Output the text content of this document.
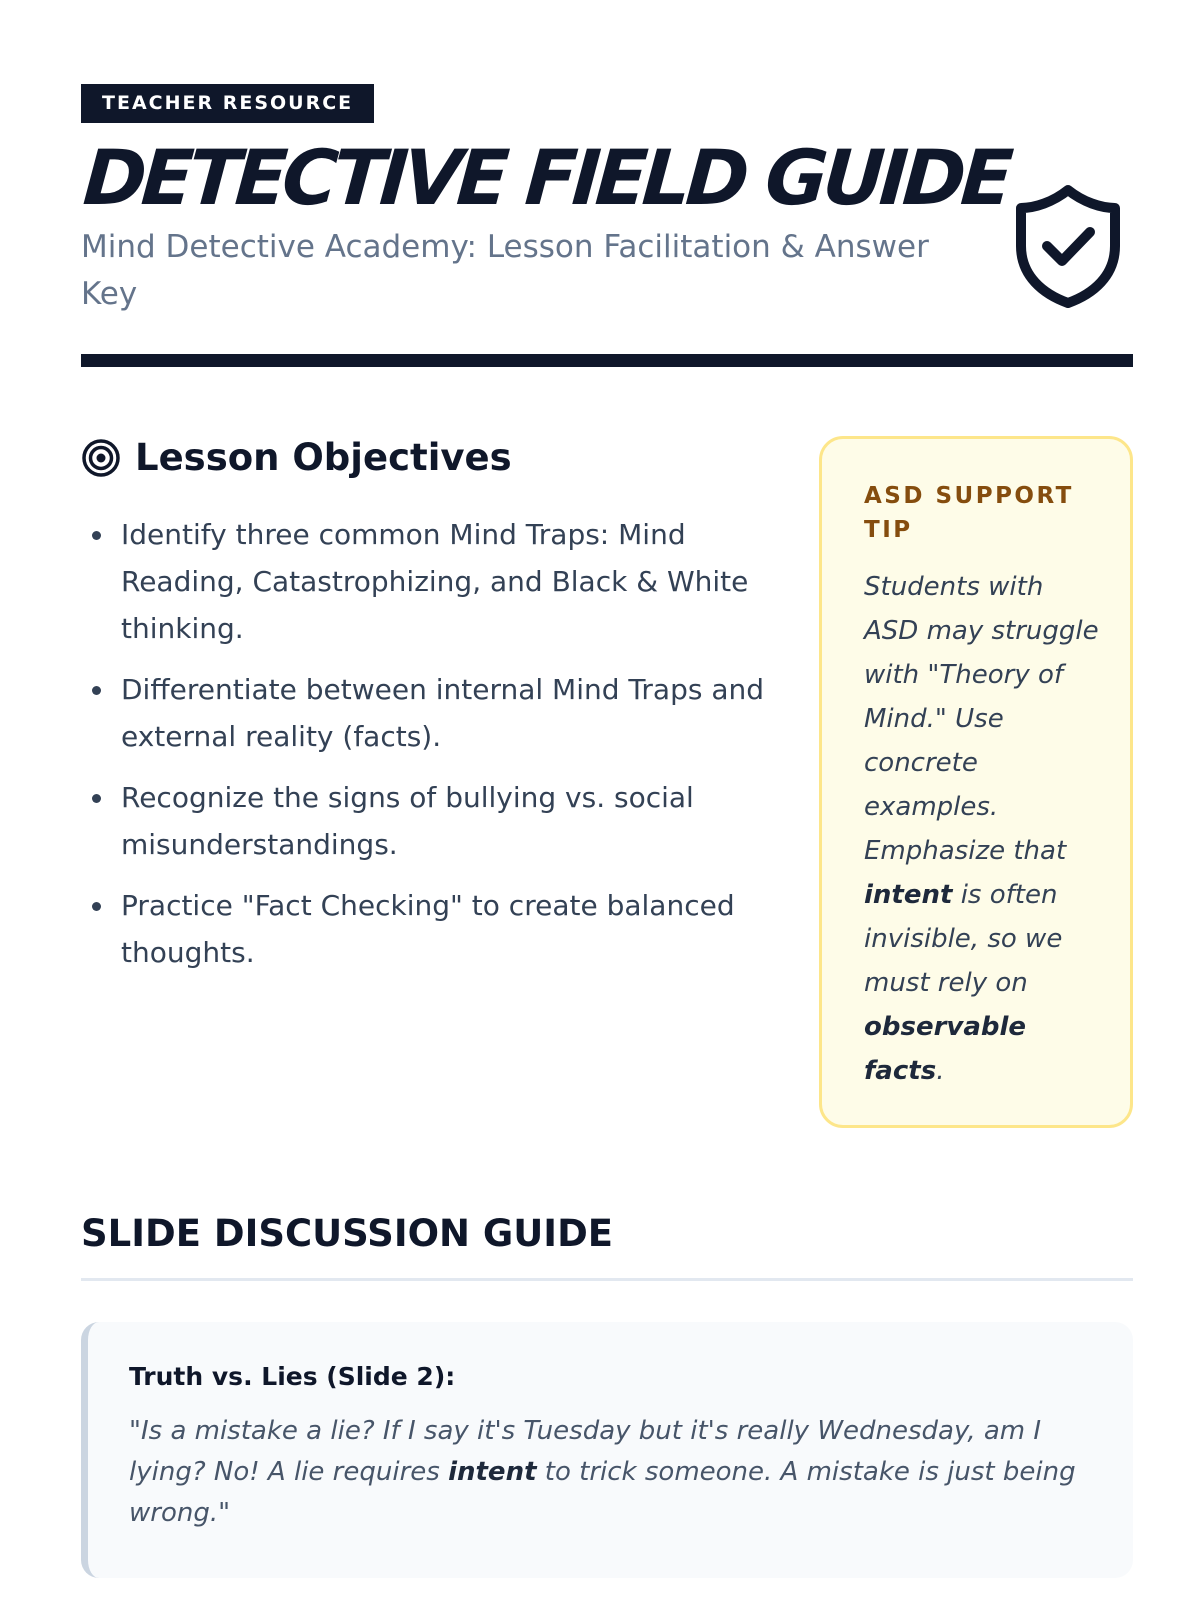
TEACHER RESOURCE
DETECTIVE FIELD GUIDE
Mind Detective Academy: Lesson Facilitation & Answer Key
Lesson Objectives
Identify three common Mind Traps: Mind Reading, Catastrophizing, and Black & White thinking.
Differentiate between internal Mind Traps and external reality (facts).
Recognize the signs of bullying vs. social misunderstandings.
Practice "Fact Checking" to create balanced thoughts.
ASD SUPPORT TIP

Students with ASD may struggle with "Theory of Mind." Use concrete examples. Emphasize that intent is often invisible, so we must rely on observable facts.

SLIDE DISCUSSION GUIDE
Truth vs. Lies (Slide 2):

"Is a mistake a lie? If I say it's Tuesday but it's really Wednesday, am I lying? No! A lie requires intent to trick someone. A mistake is just being wrong."
